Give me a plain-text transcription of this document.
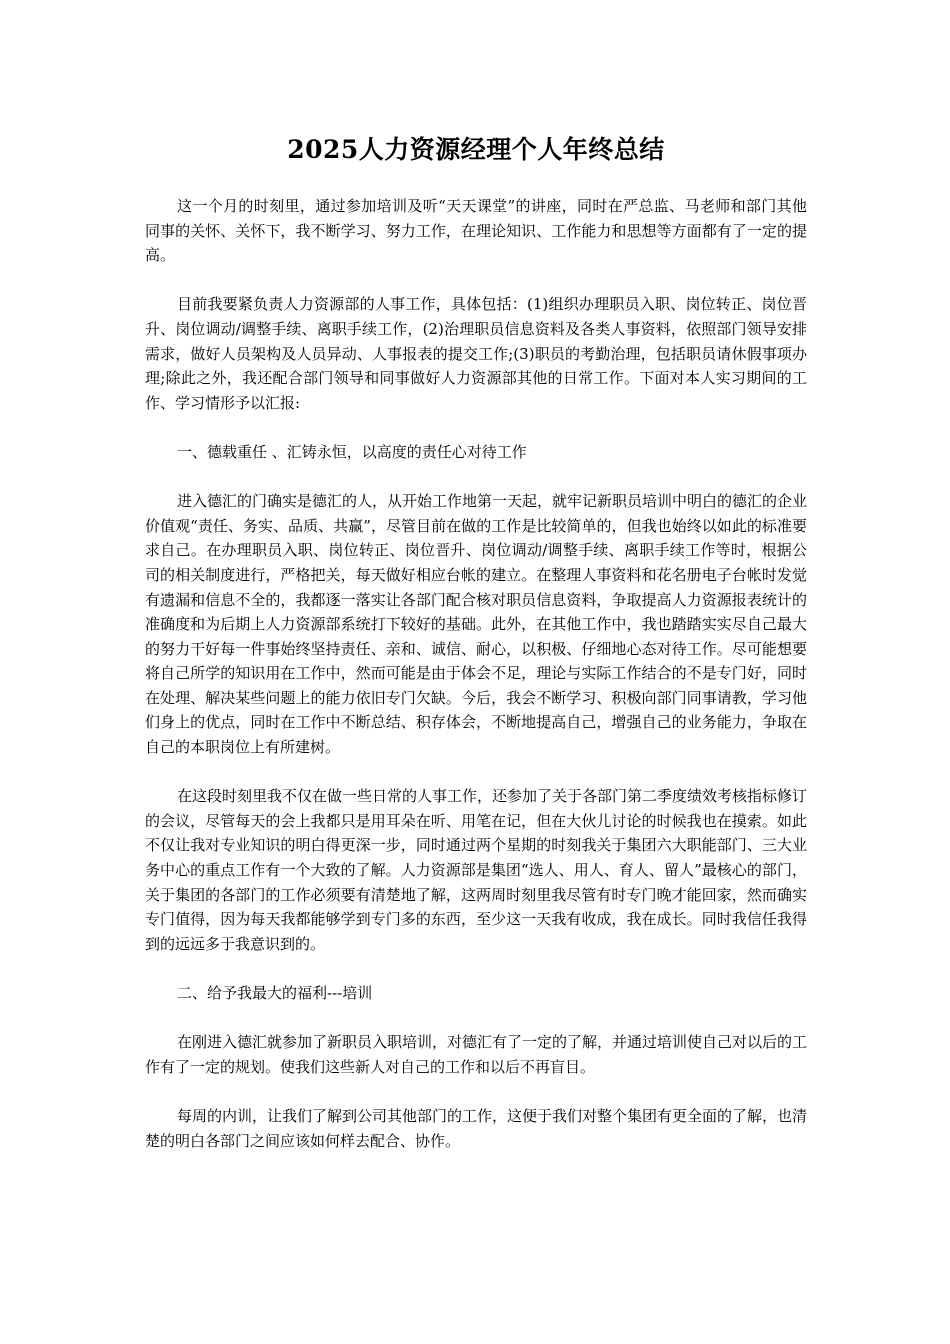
2025人力资源经理个人年终总结

这一个月的时刻里，通过参加培训及听“天天课堂”的讲座，同时在严总监、马老师和部门其他同事的关怀、关怀下，我不断学习、努力工作，在理论知识、工作能力和思想等方面都有了一定的提高。

目前我要紧负责人力资源部的人事工作，具体包括：(1)组织办理职员入职、岗位转正、岗位晋升、岗位调动/调整手续、离职手续工作，(2)治理职员信息资料及各类人事资料，依照部门领导安排需求，做好人员架构及人员异动、人事报表的提交工作;(3)职员的考勤治理，包括职员请休假事项办理;除此之外，我还配合部门领导和同事做好人力资源部其他的日常工作。下面对本人实习期间的工作、学习情形予以汇报:

一、德载重任 、汇铸永恒，以高度的责任心对待工作

进入德汇的门确实是德汇的人，从开始工作地第一天起，就牢记新职员培训中明白的德汇的企业价值观“责任、务实、品质、共赢”，尽管目前在做的工作是比较简单的，但我也始终以如此的标准要求自己。在办理职员入职、岗位转正、岗位晋升、岗位调动/调整手续、离职手续工作等时，根据公司的相关制度进行，严格把关，每天做好相应台帐的建立。在整理人事资料和花名册电子台帐时发觉有遗漏和信息不全的，我都逐一落实让各部门配合核对职员信息资料，争取提高人力资源报表统计的准确度和为后期上人力资源部系统打下较好的基础。此外，在其他工作中，我也踏踏实实尽自己最大的努力干好每一件事始终坚持责任、亲和、诚信、耐心，以积极、仔细地心态对待工作。尽可能想要将自己所学的知识用在工作中，然而可能是由于体会不足，理论与实际工作结合的不是专门好，同时在处理、解决某些问题上的能力依旧专门欠缺。今后，我会不断学习、积极向部门同事请教，学习他们身上的优点，同时在工作中不断总结、积存体会，不断地提高自己，增强自己的业务能力，争取在自己的本职岗位上有所建树。

在这段时刻里我不仅在做一些日常的人事工作，还参加了关于各部门第二季度绩效考核指标修订的会议，尽管每天的会上我都只是用耳朵在听、用笔在记，但在大伙儿讨论的时候我也在摸索。如此不仅让我对专业知识的明白得更深一步，同时通过两个星期的时刻我关于集团六大职能部门、三大业务中心的重点工作有一个大致的了解。人力资源部是集团“选人、用人、育人、留人”最核心的部门，关于集团的各部门的工作必须要有清楚地了解，这两周时刻里我尽管有时专门晚才能回家，然而确实专门值得，因为每天我都能够学到专门多的东西，至少这一天我有收成，我在成长。同时我信任我得到的远远多于我意识到的。

二、给予我最大的福利---培训

在刚进入德汇就参加了新职员入职培训，对德汇有了一定的了解，并通过培训使自己对以后的工作有了一定的规划。使我们这些新人对自己的工作和以后不再盲目。

每周的内训，让我们了解到公司其他部门的工作，这便于我们对整个集团有更全面的了解，也清楚的明白各部门之间应该如何样去配合、协作。
